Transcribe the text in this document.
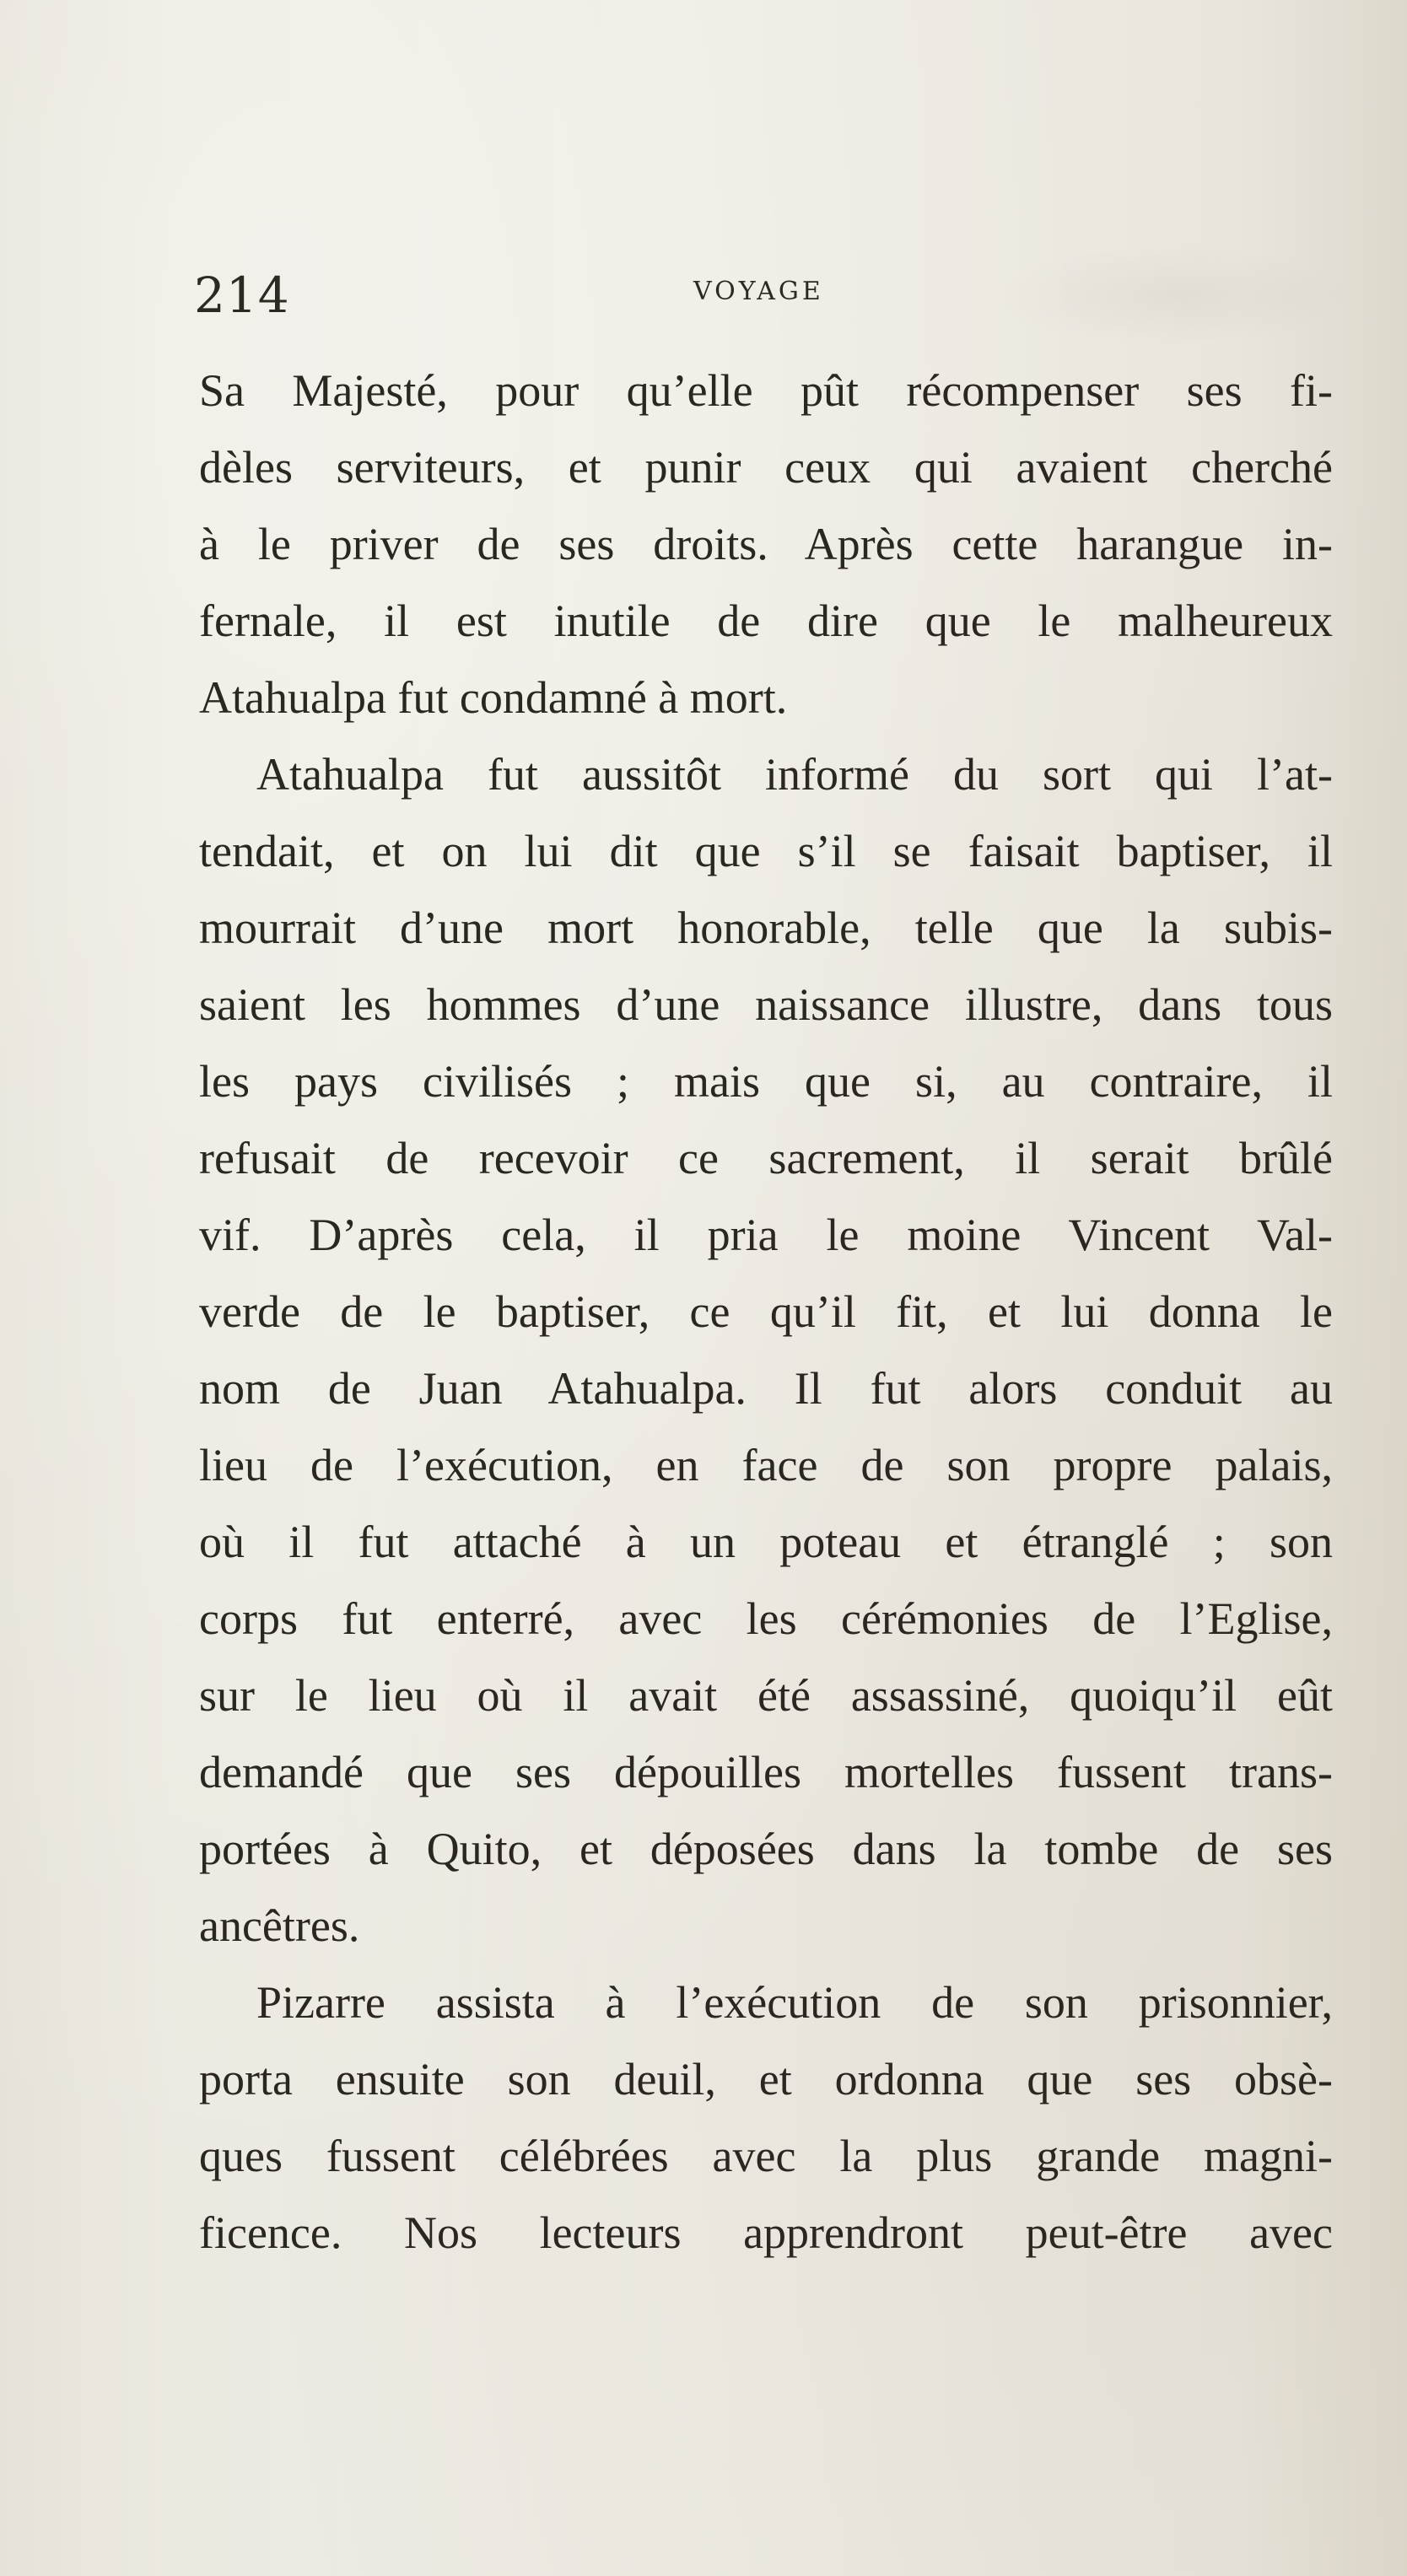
214	VOYAGE
Sa Majesté, pour qu’elle pût récompenser ses fi-
dèles serviteurs, et punir ceux qui avaient cherché
à le priver de ses droits. Après cette harangue in-
fernale, il est inutile de dire que le malheureux
Atahualpa fut condamné à mort.
Atahualpa fut aussitôt informé du sort qui l’at-
tendait, et on lui dit que s’il se faisait baptiser, il
mourrait d’une mort honorable, telle que la subis-
saient les hommes d’une naissance illustre, dans tous
les pays civilisés ; mais que si, au contraire, il
refusait de recevoir ce sacrement, il serait brûlé
vif. D’après cela, il pria le moine Vincent Val-
verde de le baptiser, ce qu’il fit, et lui donna le
nom de Juan Atahualpa. Il fut alors conduit au
lieu de l’exécution, en face de son propre palais,
où il fut attaché à un poteau et étranglé ; son
corps fut enterré, avec les cérémonies de l’Eglise,
sur le lieu où il avait été assassiné, quoiqu’il eût
demandé que ses dépouilles mortelles fussent trans-
portées à Quito, et déposées dans la tombe de ses
ancêtres.
Pizarre assista à l’exécution de son prisonnier,
porta ensuite son deuil, et ordonna que ses obsè-
ques fussent célébrées avec la plus grande magni-
ficence. Nos lecteurs apprendront peut-être avec
